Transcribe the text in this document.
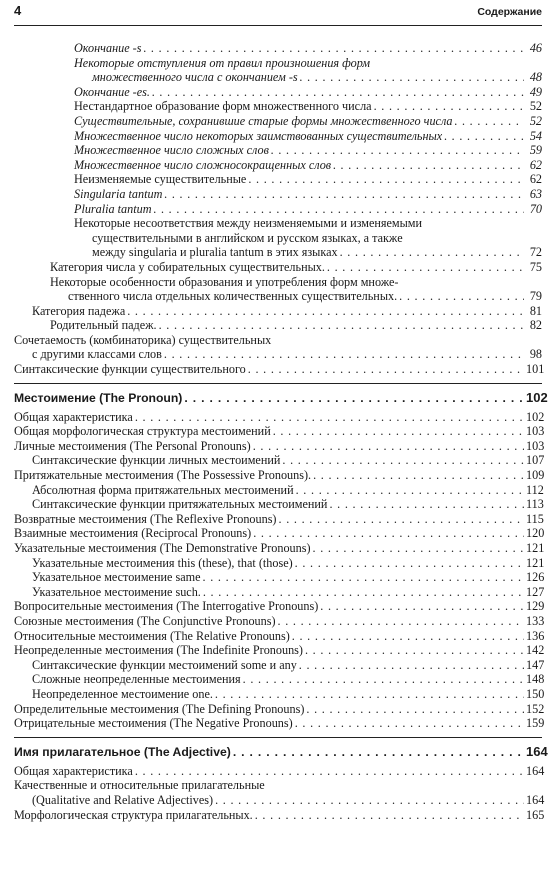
4	Содержание
Окончание -s . . .	46
Некоторые отступления от правил произношения форм
множественного числа с окончанием -s . . .	48
Окончание -es. . . .	49
Нестандартное образование форм множественного числа . . .	52
Существительные, сохранившие старые формы множественного числа . . .	52
Множественное число некоторых заимствованных существительных . . .	54
Множественное число сложных слов . . .	59
Множественное число сложносокращенных слов . . .	62
Неизменяемые существительные . . .	62
Singularia tantum . . .	63
Pluralia tantum . . .	70
Некоторые несоответствия между неизменяемыми и изменяемыми
существительными в английском и русском языках, а также
между singularia и pluralia tantum в этих языках . . .	72
Категория числа у собирательных существительных. . . .	75
Некоторые особенности образования и употребления форм множе-
ственного числа отдельных количественных существительных. . . .	79
Категория падежа . . .	81
Родительный падеж. . . .	82
Сочетаемость (комбинаторика) существительных
с другими классами слов . . .	98
Синтаксические функции существительного . . .	101
Местоимение (The Pronoun) . . .	102
Общая характеристика . . .	102
Общая морфологическая структура местоимений . . .	103
Личные местоимения (The Personal Pronouns) . . .	103
Синтаксические функции личных местоимений . . .	107
Притяжательные местоимения (The Possessive Pronouns). . . .	109
Абсолютная форма притяжательных местоимений . . .	112
Синтаксические функции притяжательных местоимений . . .	113
Возвратные местоимения (The Reflexive Pronouns) . . .	115
Взаимные местоимения (Reciprocal Pronouns) . . .	120
Указательные местоимения (The Demonstrative Pronouns) . . .	121
Указательные местоимения this (these), that (those) . . .	121
Указательное местоимение same . . .	126
Указательное местоимение such. . . .	127
Вопросительные местоимения (The Interrogative Pronouns) . . .	129
Союзные местоимения (The Conjunctive Pronouns) . . .	133
Относительные местоимения (The Relative Pronouns) . . .	136
Неопределенные местоимения (The Indefinite Pronouns) . . .	142
Синтаксические функции местоимений some и any . . .	147
Сложные неопределенные местоимения . . .	148
Неопределенное местоимение one. . . .	150
Определительные местоимения (The Defining Pronouns) . . .	152
Отрицательные местоимения (The Negative Pronouns) . . .	159
Имя прилагательное (The Adjective) . . .	164
Общая характеристика . . .	164
Качественные и относительные прилагательные
(Qualitative and Relative Adjectives) . . .	164
Морфологическая структура прилагательных. . . .	165
